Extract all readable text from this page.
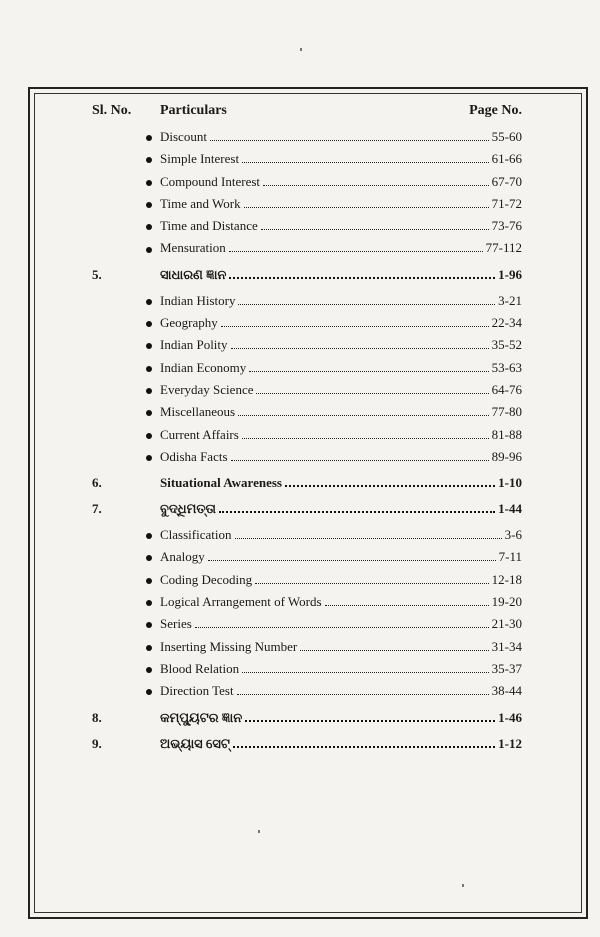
Sl. No.	Particulars	Page No.
Discount	55-60
Simple Interest	61-66
Compound Interest	67-70
Time and Work	71-72
Time and Distance	73-76
Mensuration	77-112
5.	ସାଧାରଣ ଜ୍ଞାନ	1-96
Indian History	3-21
Geography	22-34
Indian Polity	35-52
Indian Economy	53-63
Everyday Science	64-76
Miscellaneous	77-80
Current Affairs	81-88
Odisha Facts	89-96
6.	Situational Awareness	1-10
7.	ବୁଦ୍ଧିମତ୍ତା	1-44
Classification	3-6
Analogy	7-11
Coding Decoding	12-18
Logical Arrangement of Words	19-20
Series	21-30
Inserting Missing Number	31-34
Blood Relation	35-37
Direction Test	38-44
8.	କମ୍ପ୍ୟୁଟର ଜ୍ଞାନ	1-46
9.	ଅଭ୍ୟାସ ସେଟ୍	1-12
